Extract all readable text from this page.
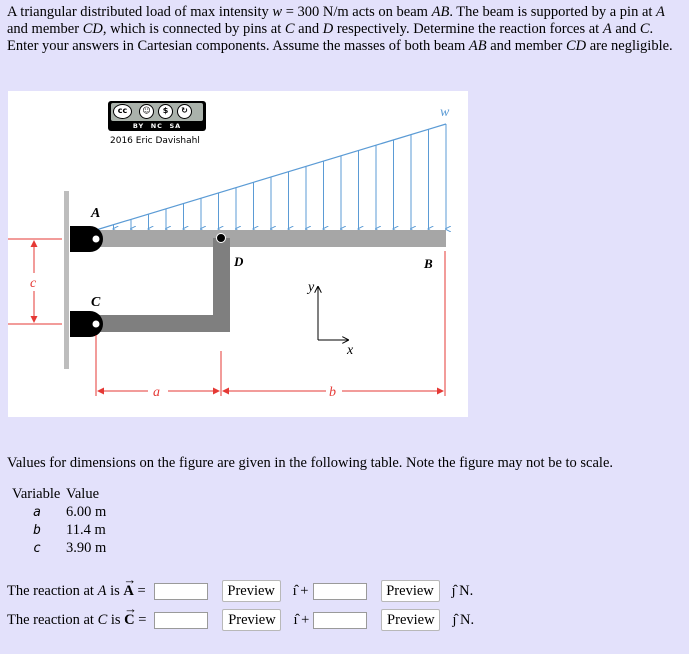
A triangular distributed load of max intensity w = 300 N/m acts on beam AB. The beam is supported by a pin at A and member CD, which is connected by pins at C and D respectively. Determine the reaction forces at A and C. Enter your answers in Cartesian components. Assume the masses of both beam AB and member CD are negligible.

A
C
D	B
w
c
a	b
y
x
cc	☺	$	↻
BY NC SA
2016 Eric Davishahl
Values for dimensions on the figure are given in the following table. Note the figure may not be to scale.
Variable	Value
a	6.00 m
b	11.4 m
c	3.90 m
The reaction at A is → A =	Preview	ı̂ +	Preview	ȷ̂ N.
The reaction at C is → C =	Preview	ı̂ +	Preview	ȷ̂ N.
